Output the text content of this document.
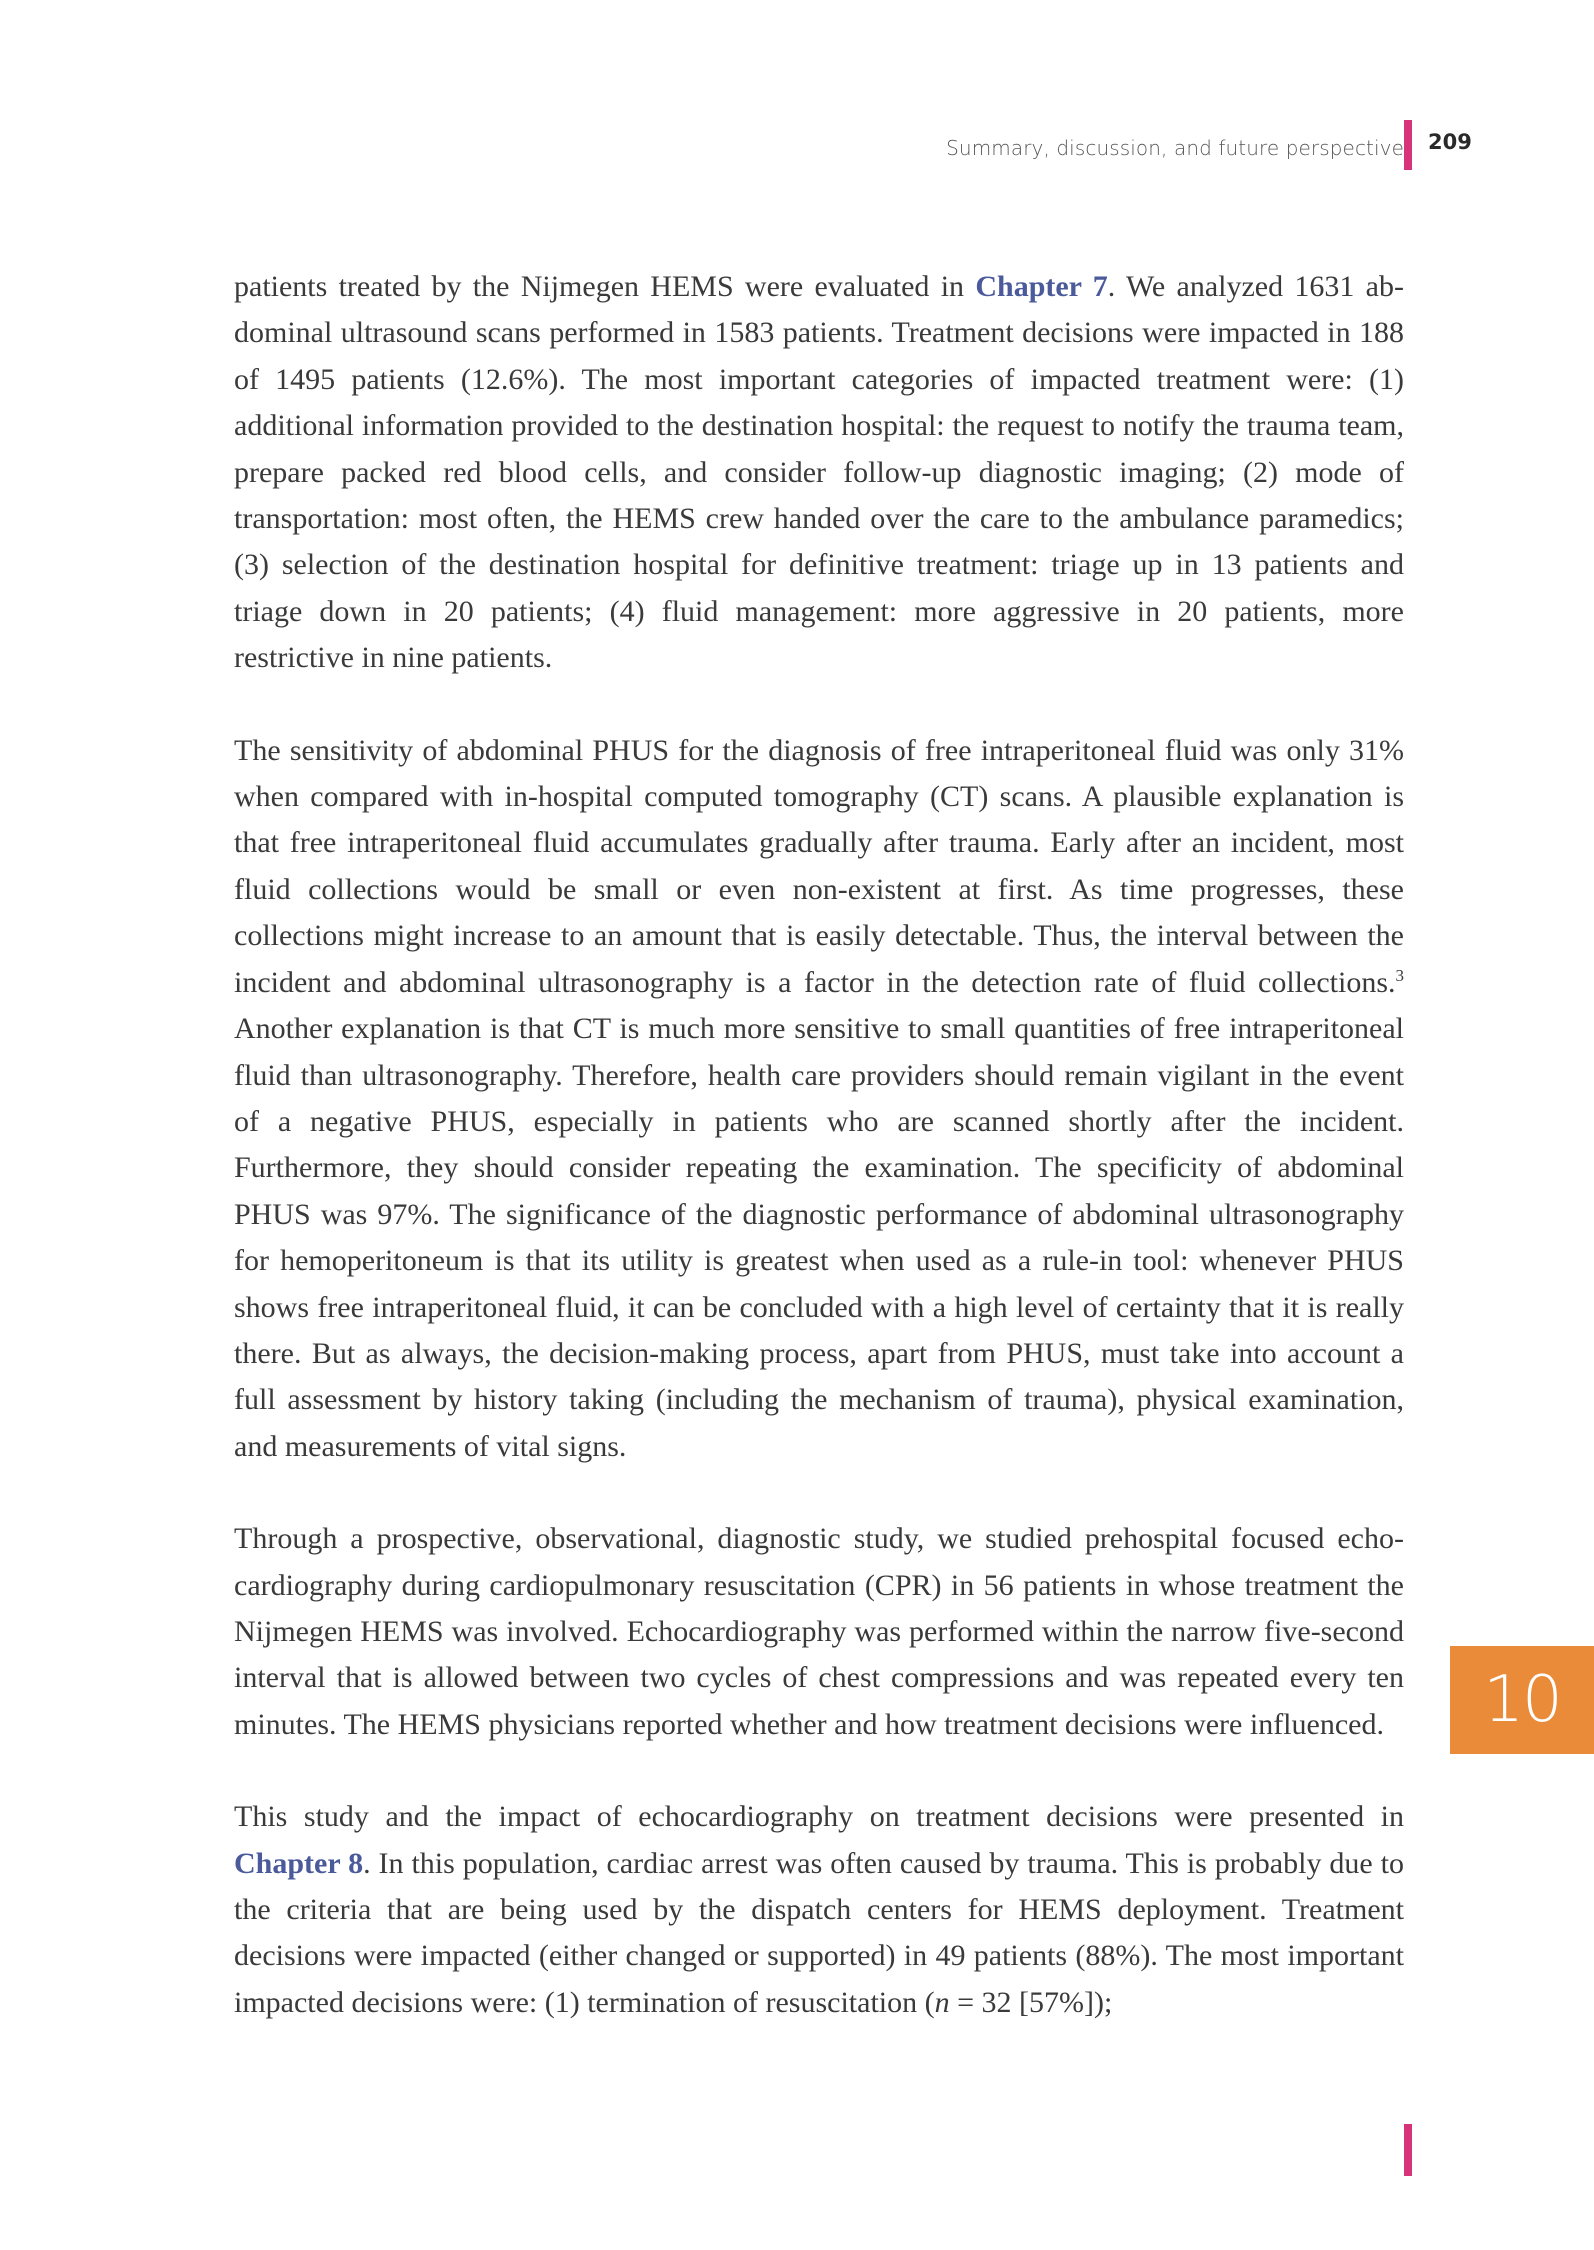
Summary, discussion, and future perspective 209

patients treated by the Nijmegen HEMS were evaluated in Chapter 7. We analyzed 1631 abdominal ultrasound scans performed in 1583 patients. Treatment decisions were impacted in 188 of 1495 patients (12.6%). The most important categories of impacted treatment were: (1) additional information provided to the destination hospital: the request to notify the trauma team, prepare packed red blood cells, and consider follow-up diagnostic imaging; (2) mode of transportation: most often, the HEMS crew handed over the care to the ambulance paramedics; (3) selection of the destination hospital for definitive treatment: triage up in 13 patients and triage down in 20 patients; (4) fluid management: more aggressive in 20 patients, more restrictive in nine patients.

The sensitivity of abdominal PHUS for the diagnosis of free intraperitoneal fluid was only 31% when compared with in-hospital computed tomography (CT) scans. A plausible explanation is that free intraperitoneal fluid accumulates gradually after trauma. Early after an incident, most fluid collections would be small or even non-existent at first. As time progresses, these collections might increase to an amount that is easily detectable. Thus, the interval between the incident and abdominal ultrasonography is a factor in the detection rate of fluid collections.$^3$ Another explanation is that CT is much more sensitive to small quantities of free intraperitoneal fluid than ultrasonography. Therefore, health care providers should remain vigilant in the event of a negative PHUS, especially in patients who are scanned shortly after the incident. Furthermore, they should consider repeating the examination. The specificity of abdominal PHUS was 97%. The significance of the diagnostic performance of abdominal ultrasonography for hemoperitoneum is that its utility is greatest when used as a rule-in tool: whenever PHUS shows free intraperitoneal fluid, it can be concluded with a high level of certainty that it is really there. But as always, the decision-making process, apart from PHUS, must take into account a full assessment by history taking (including the mechanism of trauma), physical examination, and measurements of vital signs.

Through a prospective, observational, diagnostic study, we studied prehospital focused echocardiography during cardiopulmonary resuscitation (CPR) in 56 patients in whose treatment the Nijmegen HEMS was involved. Echocardiography was performed within the narrow five-second interval that is allowed between two cycles of chest compressions and was repeated every ten minutes. The HEMS physicians reported whether and how treatment decisions were influenced.

This study and the impact of echocardiography on treatment decisions were presented in Chapter 8. In this population, cardiac arrest was often caused by trauma. This is probably due to the criteria that are being used by the dispatch centers for HEMS deployment. Treatment decisions were impacted (either changed or supported) in 49 patients (88%). The most important impacted decisions were: (1) termination of resuscitation (n = 32 [57%]);

10
